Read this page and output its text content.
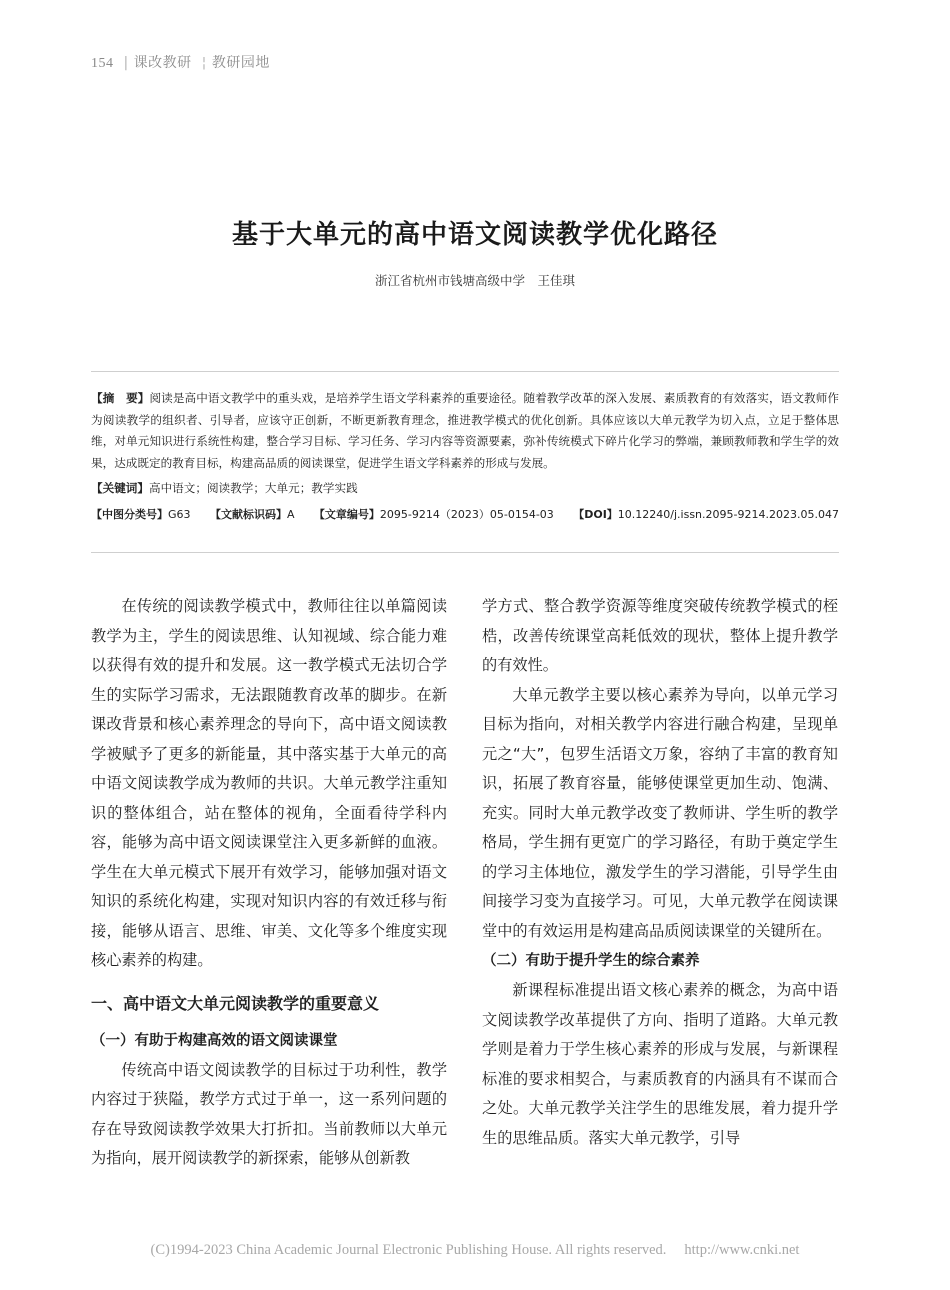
154 | 课改教研 ¦ 教研园地
基于大单元的高中语文阅读教学优化路径
浙江省杭州市钱塘高级中学　王佳琪

【摘　要】阅读是高中语文教学中的重头戏，是培养学生语文学科素养的重要途径。随着教学改革的深入发展、素质教育的有效落实，语文教师作为阅读教学的组织者、引导者，应该守正创新，不断更新教育理念，推进教学模式的优化创新。具体应该以大单元教学为切入点，立足于整体思维，对单元知识进行系统性构建，整合学习目标、学习任务、学习内容等资源要素，弥补传统模式下碎片化学习的弊端，兼顾教师教和学生学的效果，达成既定的教育目标，构建高品质的阅读课堂，促进学生语文学科素养的形成与发展。

【关键词】高中语文；阅读教学；大单元；教学实践

【中图分类号】G63 【文献标识码】A 【文章编号】2095-9214（2023）05-0154-03 【DOI】10.12240/j.issn.2095-9214.2023.05.047

在传统的阅读教学模式中，教师往往以单篇阅读教学为主，学生的阅读思维、认知视域、综合能力难以获得有效的提升和发展。这一教学模式无法切合学生的实际学习需求，无法跟随教育改革的脚步。在新课改背景和核心素养理念的导向下，高中语文阅读教学被赋予了更多的新能量，其中落实基于大单元的高中语文阅读教学成为教师的共识。大单元教学注重知识的整体组合，站在整体的视角，全面看待学科内容，能够为高中语文阅读课堂注入更多新鲜的血液。学生在大单元模式下展开有效学习，能够加强对语文知识的系统化构建，实现对知识内容的有效迁移与衔接，能够从语言、思维、审美、文化等多个维度实现核心素养的构建。

一、高中语文大单元阅读教学的重要意义
（一）有助于构建高效的语文阅读课堂

传统高中语文阅读教学的目标过于功利性，教学内容过于狭隘，教学方式过于单一，这一系列问题的存在导致阅读教学效果大打折扣。当前教师以大单元为指向，展开阅读教学的新探索，能够从创新教

学方式、整合教学资源等维度突破传统教学模式的桎梏，改善传统课堂高耗低效的现状，整体上提升教学的有效性。

大单元教学主要以核心素养为导向，以单元学习目标为指向，对相关教学内容进行融合构建，呈现单元之“大”，包罗生活语文万象，容纳了丰富的教育知识，拓展了教育容量，能够使课堂更加生动、饱满、充实。同时大单元教学改变了教师讲、学生听的教学格局，学生拥有更宽广的学习路径，有助于奠定学生的学习主体地位，激发学生的学习潜能，引导学生由间接学习变为直接学习。可见，大单元教学在阅读课堂中的有效运用是构建高品质阅读课堂的关键所在。

（二）有助于提升学生的综合素养

新课程标准提出语文核心素养的概念，为高中语文阅读教学改革提供了方向、指明了道路。大单元教学则是着力于学生核心素养的形成与发展，与新课程标准的要求相契合，与素质教育的内涵具有不谋而合之处。大单元教学关注学生的思维发展，着力提升学生的思维品质。落实大单元教学，引导

(C)1994-2023 China Academic Journal Electronic Publishing House. All rights reserved. http://www.cnki.net
